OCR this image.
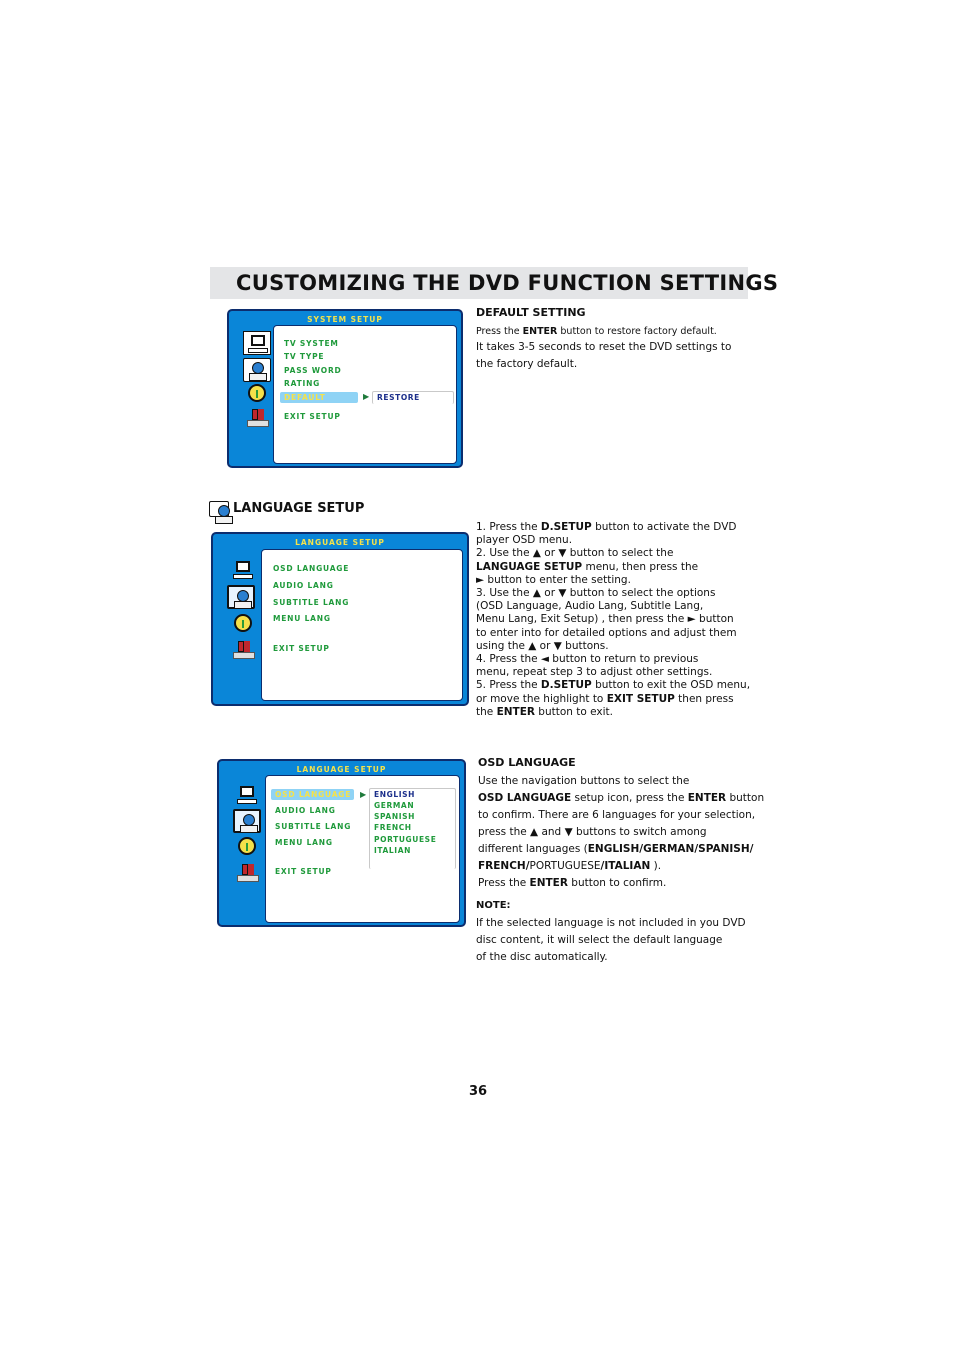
CUSTOMIZING THE DVD FUNCTION SETTINGS
SYSTEM SETUP
TV SYSTEM
TV TYPE
PASS WORD
RATING
DEFAULT	▶ RESTORE
EXIT SETUP
DEFAULT SETTING
Press the ENTER button to restore factory default.
It takes 3-5 seconds to reset the DVD settings to
the factory default.
LANGUAGE SETUP
LANGUAGE SETUP
OSD LANGUAGE
AUDIO LANG
SUBTITLE LANG
MENU LANG
EXIT SETUP
1. Press the D.SETUP button to activate the DVD
player OSD menu.
2. Use the ▲ or ▼ button to select the
LANGUAGE SETUP menu, then press the
► button to enter the setting.
3. Use the ▲ or ▼ button to select the options
(OSD Language, Audio Lang, Subtitle Lang,
Menu Lang, Exit Setup) , then press the ► button
to enter into for detailed options and adjust them
using the ▲ or ▼ buttons.
4. Press the ◄ button to return to previous
menu, repeat step 3 to adjust other settings.
5. Press the D.SETUP button to exit the OSD menu,
or move the highlight to EXIT SETUP then press
the ENTER button to exit.
LANGUAGE SETUP
OSD LANGUAGE	▶
AUDIO LANG
SUBTITLE LANG
MENU LANG
EXIT SETUP
ENGLISH
GERMAN
SPANISH
FRENCH
PORTUGUESE
ITALIAN
OSD LANGUAGE
Use the navigation buttons to select the
OSD LANGUAGE setup icon, press the ENTER button
to confirm. There are 6 languages for your selection,
press the ▲ and ▼ buttons to switch among
different languages (ENGLISH/GERMAN/SPANISH/
FRENCH/PORTUGUESE/ITALIAN ).
Press the ENTER button to confirm.
NOTE:
If the selected language is not included in you DVD
disc content, it will select the default language
of the disc automatically.
36
